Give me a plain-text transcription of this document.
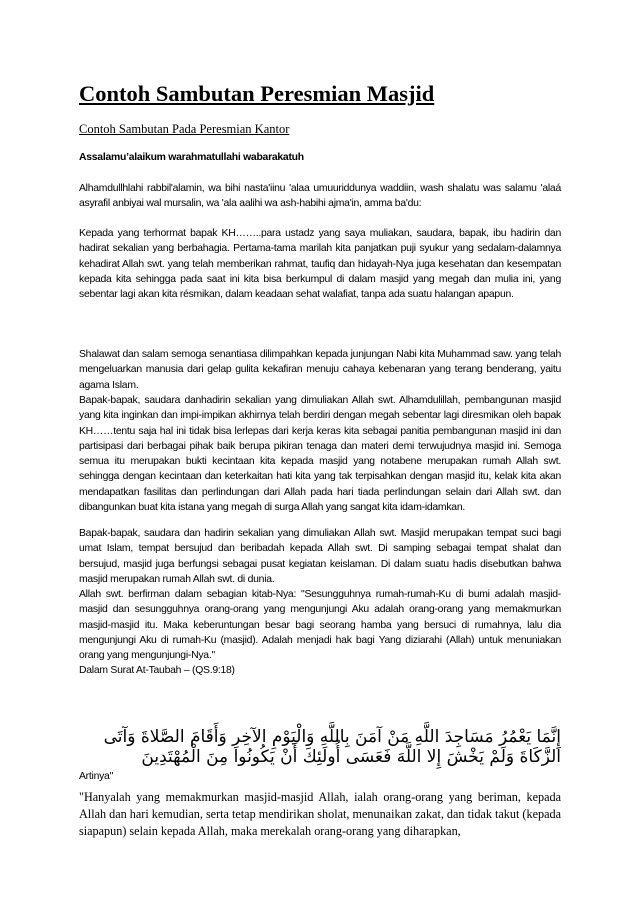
Contoh Sambutan Peresmian Masjid
Contoh Sambutan Pada Peresmian Kantor

Assalamu’alaikum warahmatullahi wabarakatuh

Alhamdullhlahi rabbil'alamin, wa bihi nasta'iinu 'alaa umuuriddunya waddiin, wash shalatu was salamu 'alaá asyrafil anbiyai wal mursalin, wa 'ala aalihi wa ash-habihi ajma'in, amma ba'du:

Kepada yang terhormat bapak KH……..para ustadz yang saya muliakan, saudara, bapak, ibu hadirin dan hadirat sekalian yang berbahagia. Pertama-tama marilah kita panjatkan puji syukur yang sedalam-dalamnya kehadirat Allah swt. yang telah memberikan rahmat, taufiq dan hidayah-Nya juga kesehatan dan kesempatan kepada kita sehingga pada saat ini kita bisa berkumpul di dalam masjid yang megah dan mulia ini, yang sebentar lagi akan kita résmikan, dalam keadaan sehat walafiat, tanpa ada suatu halangan apapun.

Shalawat dan salam semoga senantiasa dilimpahkan kepada junjungan Nabi kita Muhammad saw. yang telah mengeluarkan manusia dari gelap gulita kekafiran menuju cahaya kebenaran yang terang benderang, yaitu agama Islam.

Bapak-bapak, saudara danhadirin sekalian yang dimuliakan Allah swt. Alhamdulillah, pembangunan masjid yang kita inginkan dan impi-impikan akhirnya telah berdiri dengan megah sebentar lagi diresmikan oleh bapak KH……tentu saja hal ini tidak bisa lerlepas dari kerja keras kita sebagai panitia pembangunan masjid ini dan partisipasi dari berbagai pihak baik berupa pikiran tenaga dan materi demi terwujudnya masjid ini. Semoga semua itu merupakan bukti kecintaan kita kepada masjid yang notabene merupakan rumah Allah swt. sehingga dengan kecintaan dan keterkaitan hati kita yang tak terpisahkan dengan masjid itu, kelak kita akan mendapatkan fasilitas dan perlindungan dari Allah pada hari tiada perlindungan selain dari Allah swt. dan dibangunkan buat kita istana yang megah di surga Allah yang sangat kita idam-idamkan.

Bapak-bapak, saudara dan hadirin sekalian yang dimuliakan Allah swt. Masjid merupakan tempat suci bagi umat Islam, tempat bersujud dan beribadah kepada Allah swt. Di samping sebagai tempat shalat dan bersujud, masjid juga berfungsi sebagai pusat kegiatan keislaman. Di dalam suatu hadis disebutkan bahwa masjid merupakan rumah Allah swt. di dunia.

Allah swt. berfirman dalam sebagian kitab-Nya: "Sesungguhnya rumah-rumah-Ku di bumi adalah masjid-masjid dan sesungguhnya orang-orang yang mengunjungi Aku adalah orang-orang yang memakmurkan masjid-masjid itu. Maka keberuntungan besar bagi seorang hamba yang bersuci di rumahnya, lalu dia mengunjungi Aku di rumah-Ku (masjid). Adalah menjadi hak bagi Yang diziarahi (Allah) untuk menuniakan orang yang mengunjungi-Nya."
Dalam Surat At-Taubah – (QS.9:18)

إِنَّمَا يَعْمُرُ مَسَاجِدَ اللَّهِ مَنْ آمَنَ بِاللَّهِ وَالْيَوْمِ الآخِرِ وَأَقَامَ الصَّلاةَ وَآتَى الزَّكَاةَ وَلَمْ يَخْشَ إِلا اللَّهَ فَعَسَى أُولَئِكَ أَنْ يَكُونُوا مِنَ الْمُهْتَدِينَ
Artinya"

"Hanyalah yang memakmurkan masjid-masjid Allah, ialah orang-orang yang beriman, kepada Allah dan hari kemudian, serta tetap mendirikan sholat, menunaikan zakat, dan tidak takut (kepada siapapun) selain kepada Allah, maka merekalah orang-orang yang diharapkan,
